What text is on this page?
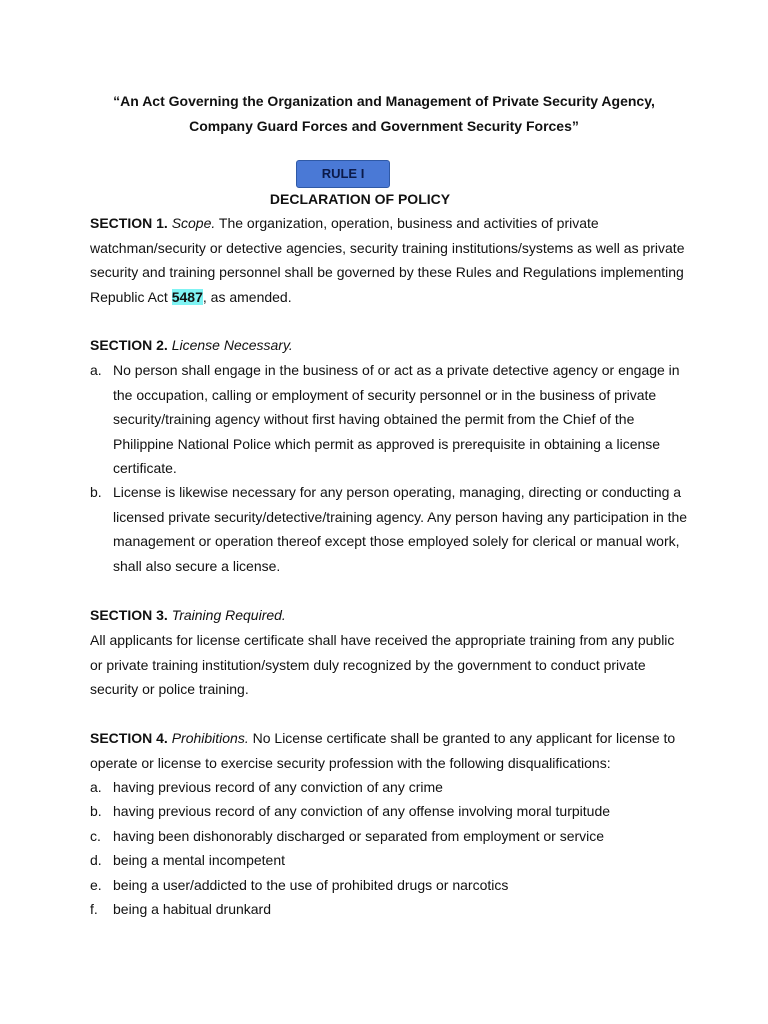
“An Act Governing the Organization and Management of Private Security Agency,
Company Guard Forces and Government Security Forces”
RULE I
DECLARATION OF POLICY
SECTION 1. Scope. The organization, operation, business and activities of private watchman/security or detective agencies, security training institutions/systems as well as private security and training personnel shall be governed by these Rules and Regulations implementing Republic Act 5487, as amended.
SECTION 2. License Necessary.
a. No person shall engage in the business of or act as a private detective agency or engage in the occupation, calling or employment of security personnel or in the business of private security/training agency without first having obtained the permit from the Chief of the Philippine National Police which permit as approved is prerequisite in obtaining a license certificate.
b. License is likewise necessary for any person operating, managing, directing or conducting a licensed private security/detective/training agency. Any person having any participation in the management or operation thereof except those employed solely for clerical or manual work, shall also secure a license.
SECTION 3. Training Required.
All applicants for license certificate shall have received the appropriate training from any public or private training institution/system duly recognized by the government to conduct private security or police training.
SECTION 4. Prohibitions. No License certificate shall be granted to any applicant for license to operate or license to exercise security profession with the following disqualifications:
a. having previous record of any conviction of any crime
b. having previous record of any conviction of any offense involving moral turpitude
c. having been dishonorably discharged or separated from employment or service
d. being a mental incompetent
e. being a user/addicted to the use of prohibited drugs or narcotics
f. being a habitual drunkard
